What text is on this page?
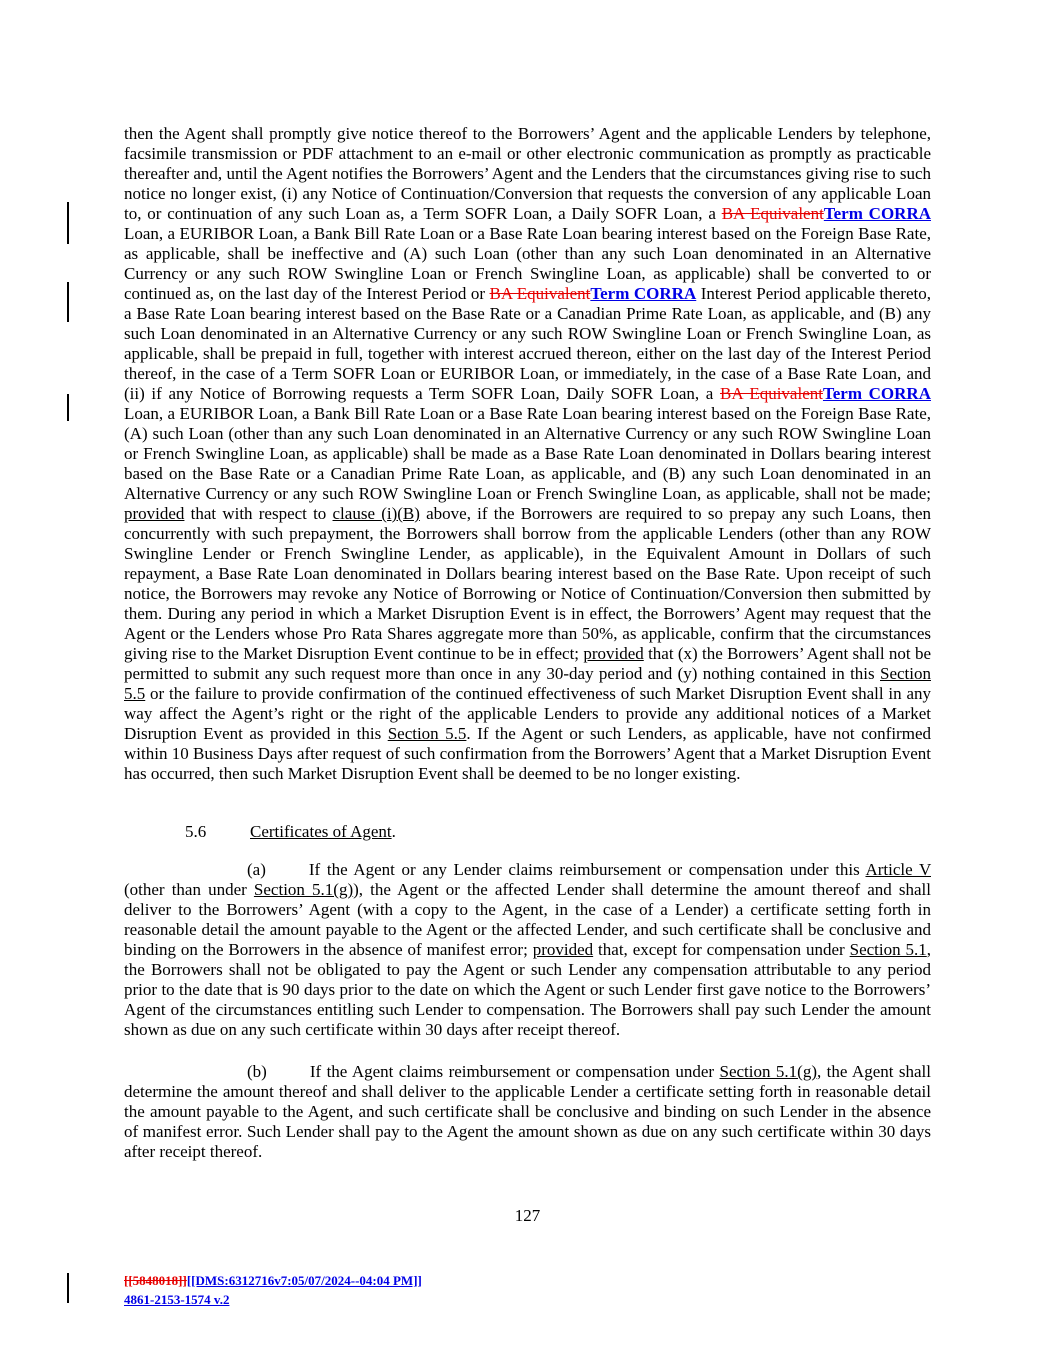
then the Agent shall promptly give notice thereof to the Borrowers’ Agent and the applicable Lenders by telephone, facsimile transmission or PDF attachment to an e-mail or other electronic communication as promptly as practicable thereafter and, until the Agent notifies the Borrowers’ Agent and the Lenders that the circumstances giving rise to such notice no longer exist, (i) any Notice of Continuation/Conversion that requests the conversion of any applicable Loan to, or continuation of any such Loan as, a Term SOFR Loan, a Daily SOFR Loan, a BA EquivalentTerm CORRA Loan, a EURIBOR Loan, a Bank Bill Rate Loan or a Base Rate Loan bearing interest based on the Foreign Base Rate, as applicable, shall be ineffective and (A) such Loan (other than any such Loan denominated in an Alternative Currency or any such ROW Swingline Loan or French Swingline Loan, as applicable) shall be converted to or continued as, on the last day of the Interest Period or BA EquivalentTerm CORRA Interest Period applicable thereto, a Base Rate Loan bearing interest based on the Base Rate or a Canadian Prime Rate Loan, as applicable, and (B) any such Loan denominated in an Alternative Currency or any such ROW Swingline Loan or French Swingline Loan, as applicable, shall be prepaid in full, together with interest accrued thereon, either on the last day of the Interest Period thereof, in the case of a Term SOFR Loan or EURIBOR Loan, or immediately, in the case of a Base Rate Loan, and (ii) if any Notice of Borrowing requests a Term SOFR Loan, Daily SOFR Loan, a BA EquivalentTerm CORRA Loan, a EURIBOR Loan, a Bank Bill Rate Loan or a Base Rate Loan bearing interest based on the Foreign Base Rate, (A) such Loan (other than any such Loan denominated in an Alternative Currency or any such ROW Swingline Loan or French Swingline Loan, as applicable) shall be made as a Base Rate Loan denominated in Dollars bearing interest based on the Base Rate or a Canadian Prime Rate Loan, as applicable, and (B) any such Loan denominated in an Alternative Currency or any such ROW Swingline Loan or French Swingline Loan, as applicable, shall not be made; provided that with respect to clause (i)(B) above, if the Borrowers are required to so prepay any such Loans, then concurrently with such prepayment, the Borrowers shall borrow from the applicable Lenders (other than any ROW Swingline Lender or French Swingline Lender, as applicable), in the Equivalent Amount in Dollars of such repayment, a Base Rate Loan denominated in Dollars bearing interest based on the Base Rate. Upon receipt of such notice, the Borrowers may revoke any Notice of Borrowing or Notice of Continuation/Conversion then submitted by them. During any period in which a Market Disruption Event is in effect, the Borrowers’ Agent may request that the Agent or the Lenders whose Pro Rata Shares aggregate more than 50%, as applicable, confirm that the circumstances giving rise to the Market Disruption Event continue to be in effect; provided that (x) the Borrowers’ Agent shall not be permitted to submit any such request more than once in any 30-day period and (y) nothing contained in this Section 5.5 or the failure to provide confirmation of the continued effectiveness of such Market Disruption Event shall in any way affect the Agent’s right or the right of the applicable Lenders to provide any additional notices of a Market Disruption Event as provided in this Section 5.5. If the Agent or such Lenders, as applicable, have not confirmed within 10 Business Days after request of such confirmation from the Borrowers’ Agent that a Market Disruption Event has occurred, then such Market Disruption Event shall be deemed to be no longer existing.

5.6	Certificates of Agent.

(a)	If the Agent or any Lender claims reimbursement or compensation under this Article V (other than under Section 5.1(g)), the Agent or the affected Lender shall determine the amount thereof and shall deliver to the Borrowers’ Agent (with a copy to the Agent, in the case of a Lender) a certificate setting forth in reasonable detail the amount payable to the Agent or the affected Lender, and such certificate shall be conclusive and binding on the Borrowers in the absence of manifest error; provided that, except for compensation under Section 5.1, the Borrowers shall not be obligated to pay the Agent or such Lender any compensation attributable to any period prior to the date that is 90 days prior to the date on which the Agent or such Lender first gave notice to the Borrowers’ Agent of the circumstances entitling such Lender to compensation. The Borrowers shall pay such Lender the amount shown as due on any such certificate within 30 days after receipt thereof.

(b)	If the Agent claims reimbursement or compensation under Section 5.1(g), the Agent shall determine the amount thereof and shall deliver to the applicable Lender a certificate setting forth in reasonable detail the amount payable to the Agent, and such certificate shall be conclusive and binding on such Lender in the absence of manifest error. Such Lender shall pay to the Agent the amount shown as due on any such certificate within 30 days after receipt thereof.

127
[[5848018]][[DMS:6312716v7:05/07/2024--04:04 PM]]
4861-2153-1574 v.2
